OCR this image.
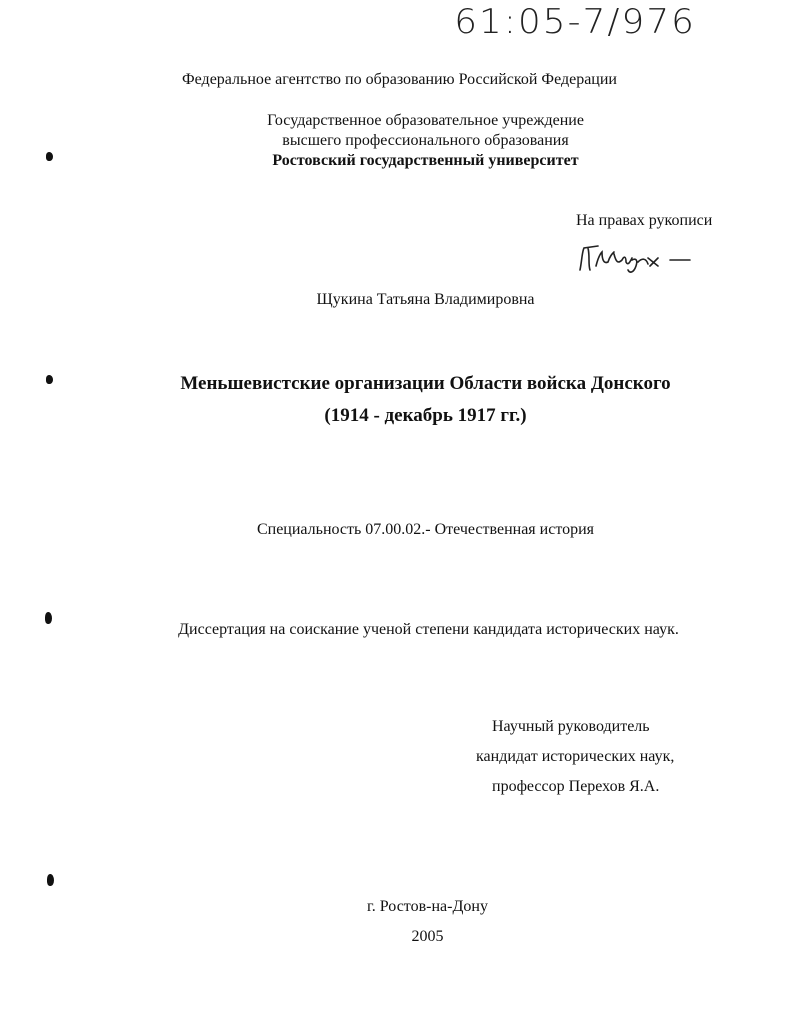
61:05-7/976
Федеральное агентство по образованию Российской Федерации
Государственное образовательное учреждение
высшего профессионального образования
Ростовский государственный университет
На правах рукописи
Щукина Татьяна Владимировна
Меньшевистские организации Области войска Донского
(1914 - декабрь 1917 гг.)
Специальность 07.00.02.- Отечественная история
Диссертация на соискание ученой степени кандидата исторических наук.
Научный руководитель
кандидат исторических наук,
профессор Перехов Я.А.
г. Ростов-на-Дону
2005
